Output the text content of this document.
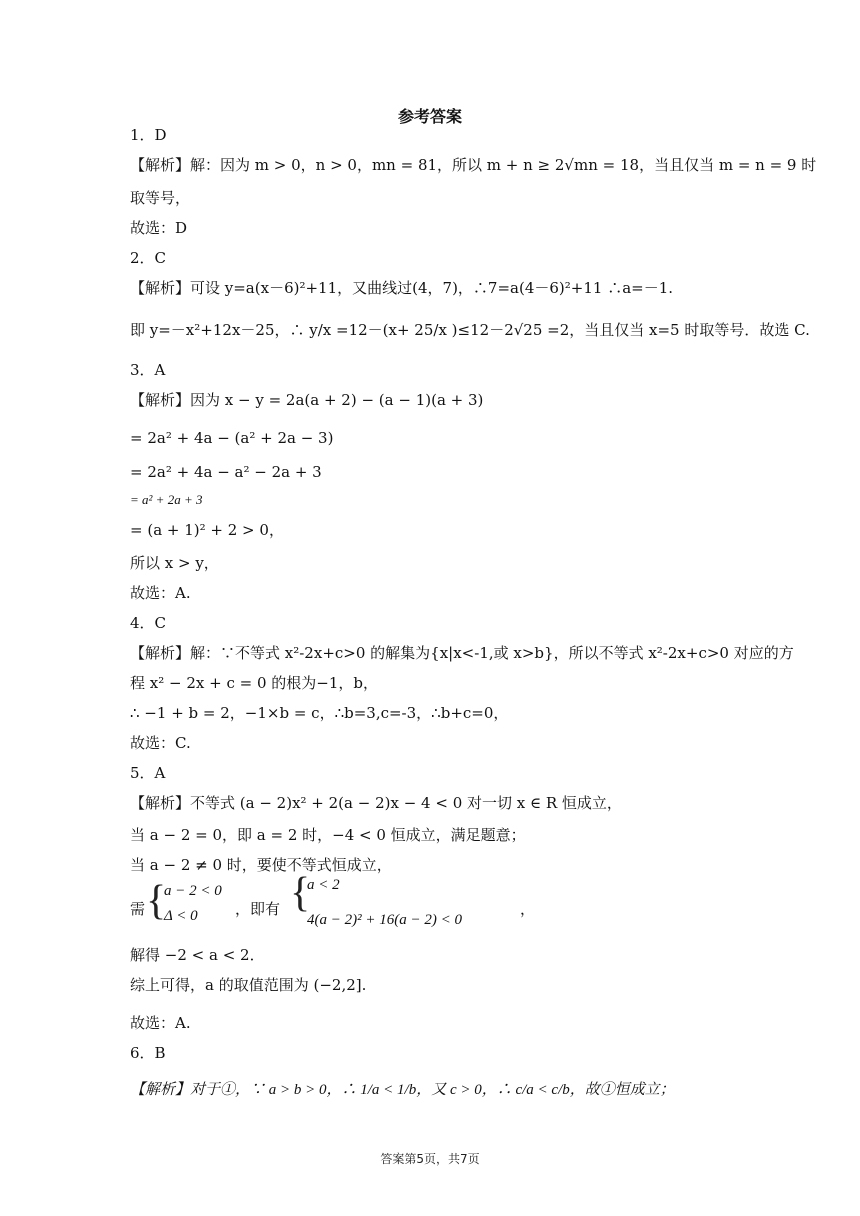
参考答案
1．D
【解析】解：因为 m > 0，n > 0，mn = 81，所以 m + n ≥ 2√mn = 18，当且仅当 m = n = 9 时
取等号，
故选：D
2．C
【解析】可设 y=a(x－6)²+11，又曲线过(4，7)，∴7=a(4－6)²+11 ∴a=－1.
即 y=－x²+12x－25，∴ y/x =12－(x+ 25/x )≤12－2√25 =2，当且仅当 x=5 时取等号．故选 C.
3．A
【解析】因为 x − y = 2a(a + 2) − (a − 1)(a + 3)
= 2a² + 4a − (a² + 2a − 3)
= 2a² + 4a − a² − 2a + 3
= a² + 2a + 3
= (a + 1)² + 2 > 0，
所以 x > y，
故选：A.
4．C
【解析】解：∵不等式 x²-2x+c>0 的解集为{x|x<-1,或 x>b}，所以不等式 x²-2x+c>0 对应的方
程 x² − 2x + c = 0 的根为−1，b，
∴ −1 + b = 2，−1×b = c，∴b=3,c=-3，∴b+c=0，
故选：C.
5．A
【解析】不等式 (a − 2)x² + 2(a − 2)x − 4 < 0 对一切 x ∈ R 恒成立，
当 a − 2 = 0，即 a = 2 时，−4 < 0 恒成立，满足题意；
当 a − 2 ≠ 0 时，要使不等式恒成立，
解得 −2 < a < 2．
综上可得，a 的取值范围为 (−2,2].
故选：A.
6．B
需 {
a − 2 < 0
Δ < 0 ，即有 {
a < 2
4(a − 2)² + 16(a − 2) < 0
，
【解析】对于①，∵ a > b > 0，∴ 1/a < 1/b，又 c > 0，∴ c/a < c/b，故①恒成立；
答案第5页，共7页
